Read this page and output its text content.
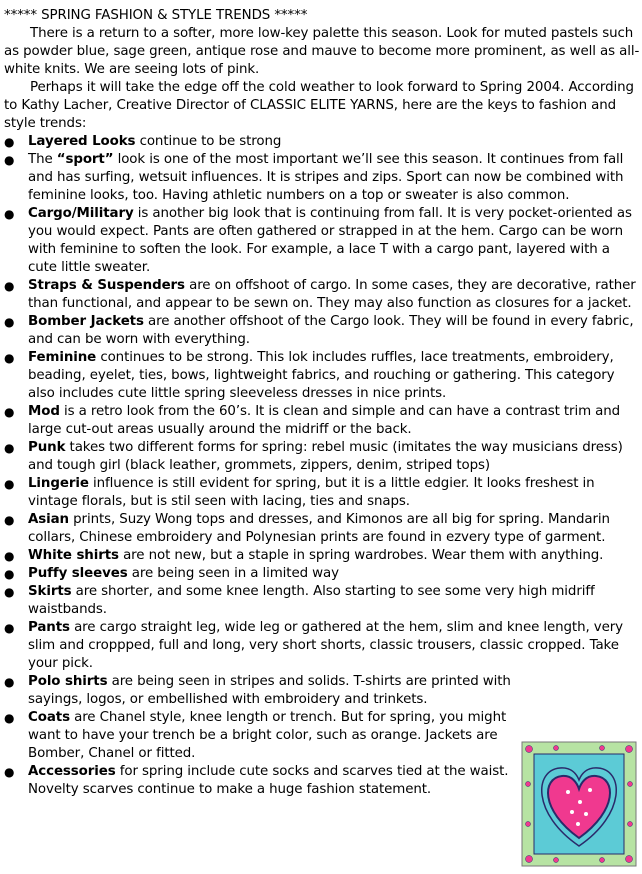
***** SPRING FASHION & STYLE TRENDS *****

There is a return to a softer, more low-key palette this season. Look for muted pastels such as powder blue, sage green, antique rose and mauve to become more prominent, as well as all-white knits. We are seeing lots of pink.

Perhaps it will take the edge off the cold weather to look forward to Spring 2004. According to Kathy Lacher, Creative Director of CLASSIC ELITE YARNS, here are the keys to fashion and style trends:

● Layered Looks continue to be strong
● The “sport” look is one of the most important we’ll see this season. It continues from fall and has surfing, wetsuit influences. It is stripes and zips. Sport can now be combined with feminine looks, too. Having athletic numbers on a top or sweater is also common.
● Cargo/Military is another big look that is continuing from fall. It is very pocket-oriented as you would expect. Pants are often gathered or strapped in at the hem. Cargo can be worn with feminine to soften the look. For example, a lace T with a cargo pant, layered with a cute little sweater.
● Straps & Suspenders are on offshoot of cargo. In some cases, they are decorative, rather than functional, and appear to be sewn on. They may also function as closures for a jacket.
● Bomber Jackets are another offshoot of the Cargo look. They will be found in every fabric, and can be worn with everything.
● Feminine continues to be strong. This lok includes ruffles, lace treatments, embroidery, beading, eyelet, ties, bows, lightweight fabrics, and rouching or gathering. This category also includes cute little spring sleeveless dresses in nice prints.
● Mod is a retro look from the 60’s. It is clean and simple and can have a contrast trim and large cut-out areas usually around the midriff or the back.
● Punk takes two different forms for spring: rebel music (imitates the way musicians dress) and tough girl (black leather, grommets, zippers, denim, striped tops)
● Lingerie influence is still evident for spring, but it is a little edgier. It looks freshest in vintage florals, but is stil seen with lacing, ties and snaps.
● Asian prints, Suzy Wong tops and dresses, and Kimonos are all big for spring. Mandarin collars, Chinese embroidery and Polynesian prints are found in ezvery type of garment.
● White shirts are not new, but a staple in spring wardrobes. Wear them with anything.
● Puffy sleeves are being seen in a limited way
● Skirts are shorter, and some knee length. Also starting to see some very high midriff waistbands.
● Pants are cargo straight leg, wide leg or gathered at the hem, slim and knee length, very slim and croppped, full and long, very short shorts, classic trousers, classic cropped. Take your pick.
● Polo shirts are being seen in stripes and solids. T-shirts are printed with sayings, logos, or embellished with embroidery and trinkets.
● Coats are Chanel style, knee length or trench. But for spring, you might want to have your trench be a bright color, such as orange. Jackets are Bomber, Chanel or fitted.
● Accessories for spring include cute socks and scarves tied at the waist. Novelty scarves continue to make a huge fashion statement.
